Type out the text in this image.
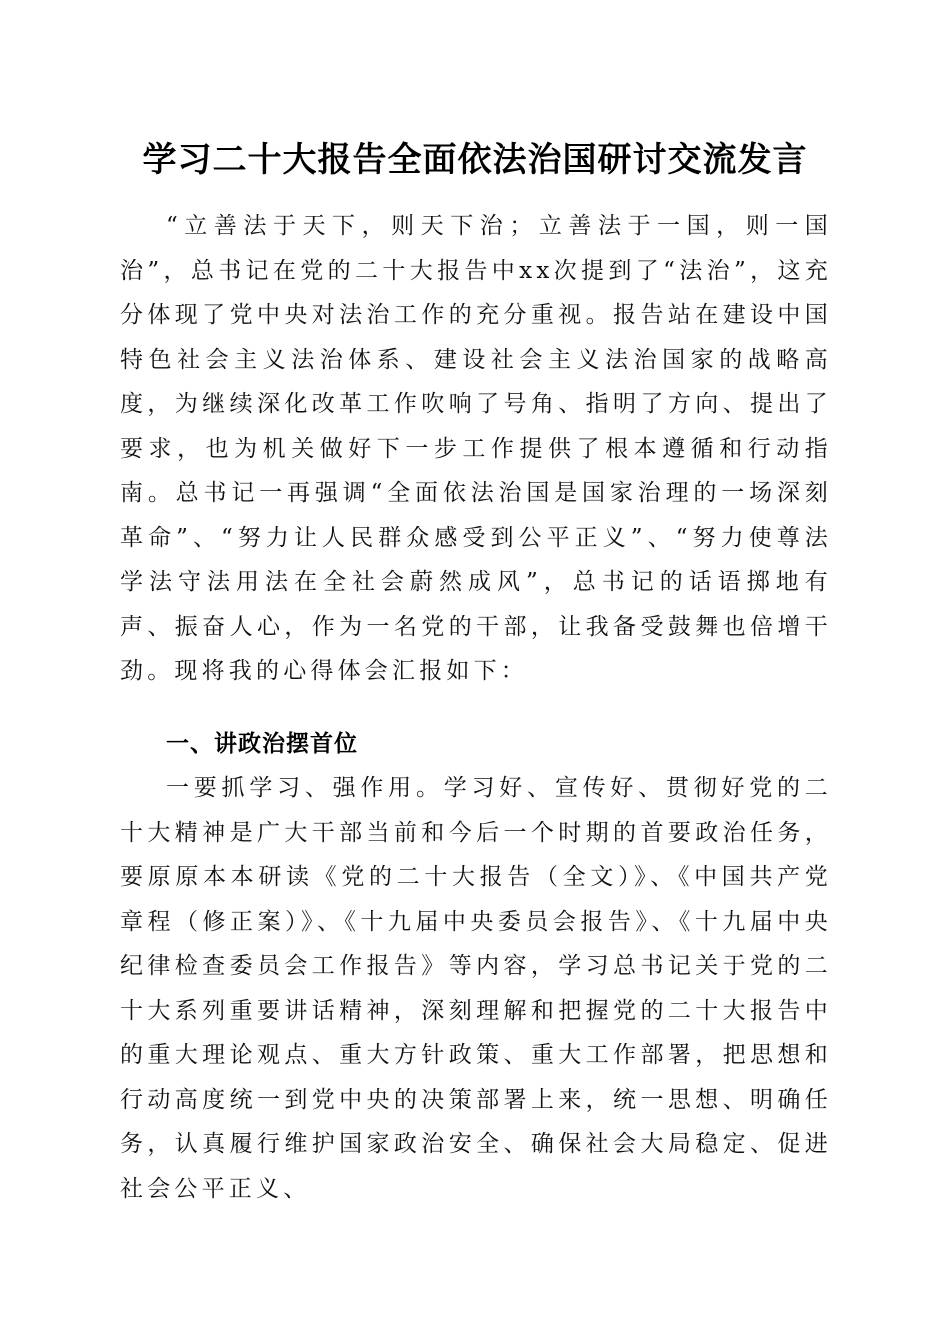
学习二十大报告全面依法治国研讨交流发言

“立善法于天下，则天下治；立善法于一国，则一国治”，总书记在党的二十大报告中xx次提到了“法治”，这充分体现了党中央对法治工作的充分重视。报告站在建设中国特色社会主义法治体系、建设社会主义法治国家的战略高度，为继续深化改革工作吹响了号角、指明了方向、提出了要求，也为机关做好下一步工作提供了根本遵循和行动指南。总书记一再强调“全面依法治国是国家治理的一场深刻革命”、“努力让人民群众感受到公平正义”、“努力使尊法学法守法用法在全社会蔚然成风”，总书记的话语掷地有声、振奋人心，作为一名党的干部，让我备受鼓舞也倍增干劲。现将我的心得体会汇报如下：

一、讲政治摆首位

一要抓学习、强作用。学习好、宣传好、贯彻好党的二十大精神是广大干部当前和今后一个时期的首要政治任务，要原原本本研读《党的二十大报告（全文）》、《中国共产党章程（修正案）》、《十九届中央委员会报告》、《十九届中央纪律检查委员会工作报告》等内容，学习总书记关于党的二十大系列重要讲话精神，深刻理解和把握党的二十大报告中的重大理论观点、重大方针政策、重大工作部署，把思想和行动高度统一到党中央的决策部署上来，统一思想、明确任务，认真履行维护国家政治安全、确保社会大局稳定、促进社会公平正义、
